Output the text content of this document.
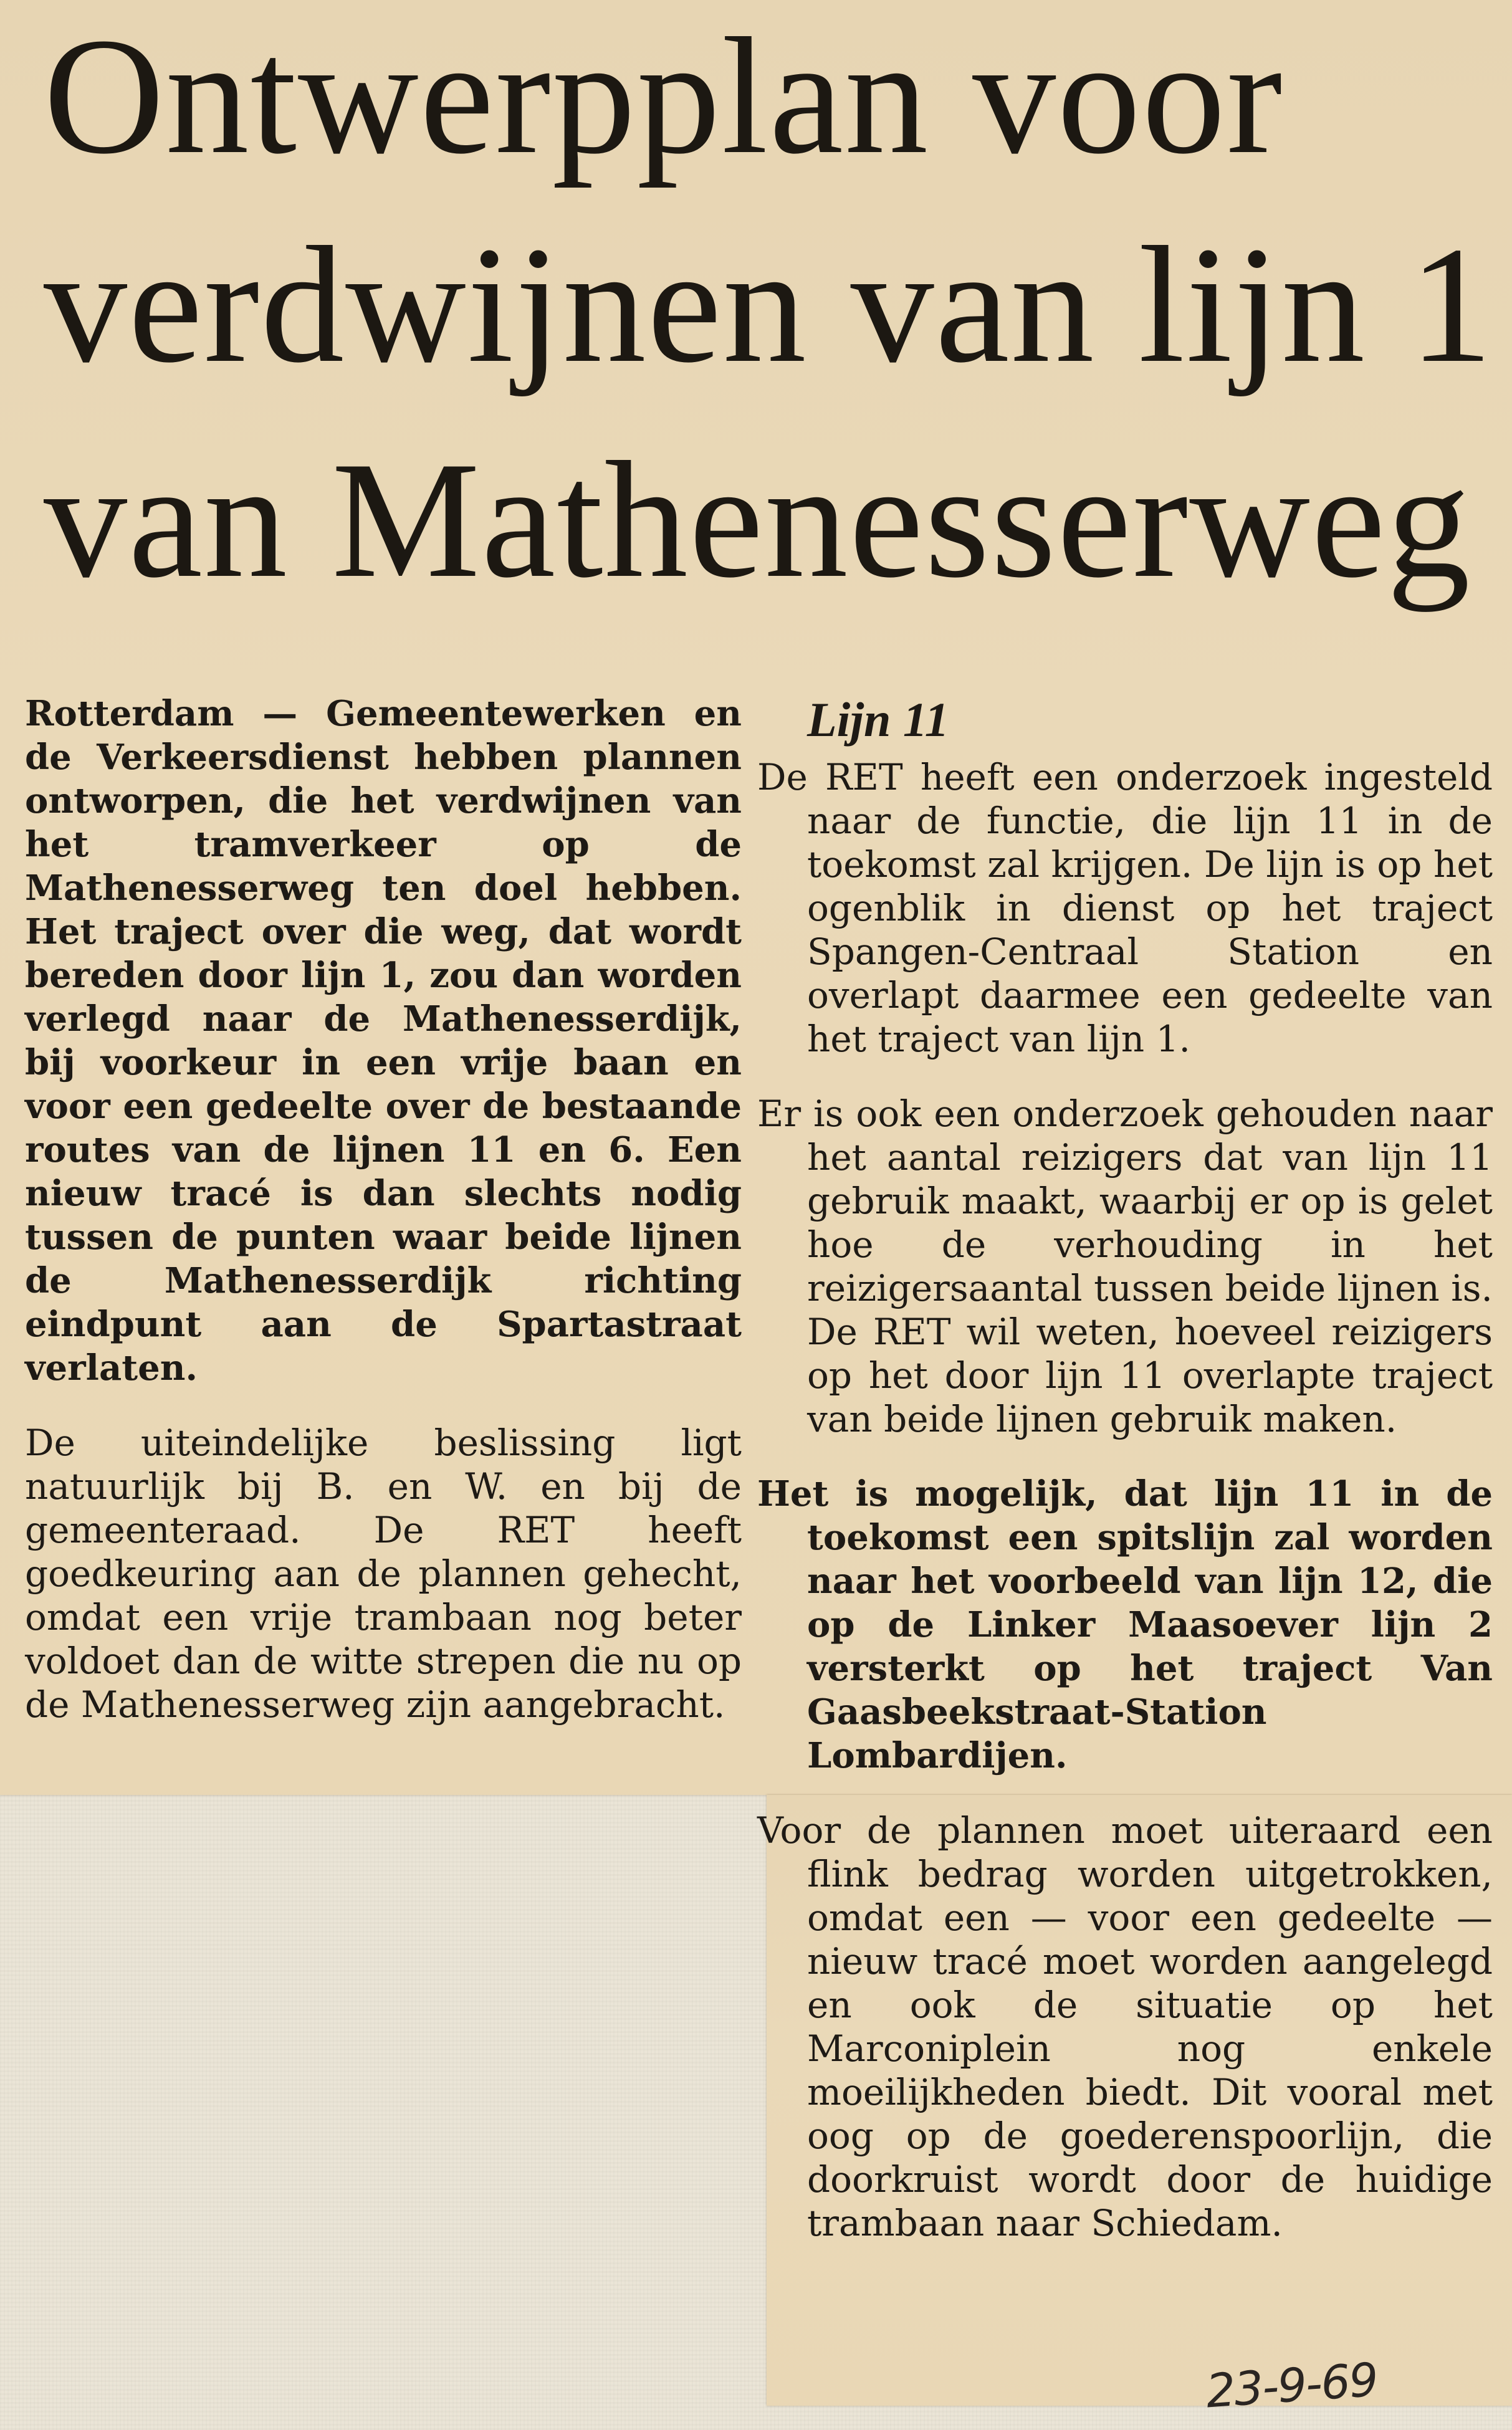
Ontwerpplan voor
verdwijnen van lijn 1
van Mathenesserweg

Rotterdam — Gemeentewerken en de Verkeersdienst hebben plannen ontworpen, die het verdwijnen van het tramverkeer op de Mathenesserweg ten doel hebben. Het traject over die weg, dat wordt bereden door lijn 1, zou dan worden verlegd naar de Mathenesserdijk, bij voorkeur in een vrije baan en voor een gedeelte over de bestaande routes van de lijnen 11 en 6. Een nieuw tracé is dan slechts nodig tussen de punten waar beide lijnen de Mathenesserdijk richting eindpunt aan de Spartastraat verlaten.

De uiteindelijke beslissing ligt natuurlijk bij B. en W. en bij de gemeenteraad. De RET heeft goedkeuring aan de plannen gehecht, omdat een vrije trambaan nog beter voldoet dan de witte strepen die nu op de Mathenesserweg zijn aangebracht.

Lijn 11

De RET heeft een onderzoek ingesteld naar de functie, die lijn 11 in de toekomst zal krijgen. De lijn is op het ogenblik in dienst op het traject Spangen-Centraal Station en overlapt daarmee een gedeelte van het traject van lijn 1.

Er is ook een onderzoek gehouden naar het aantal reizigers dat van lijn 11 gebruik maakt, waarbij er op is gelet hoe de verhouding in het reizigersaantal tussen beide lijnen is. De RET wil weten, hoeveel reizigers op het door lijn 11 overlapte traject van beide lijnen gebruik maken.

Het is mogelijk, dat lijn 11 in de toekomst een spitslijn zal worden naar het voorbeeld van lijn 12, die op de Linker Maasoever lijn 2 versterkt op het traject Van Gaasbeekstraat-Station Lombardijen.

Voor de plannen moet uiteraard een flink bedrag worden uitgetrokken, omdat een — voor een gedeelte — nieuw tracé moet worden aangelegd en ook de situatie op het Marconiplein nog enkele moeilijkheden biedt. Dit vooral met oog op de goederenspoorlijn, die doorkruist wordt door de huidige trambaan naar Schiedam.

23-9-69
